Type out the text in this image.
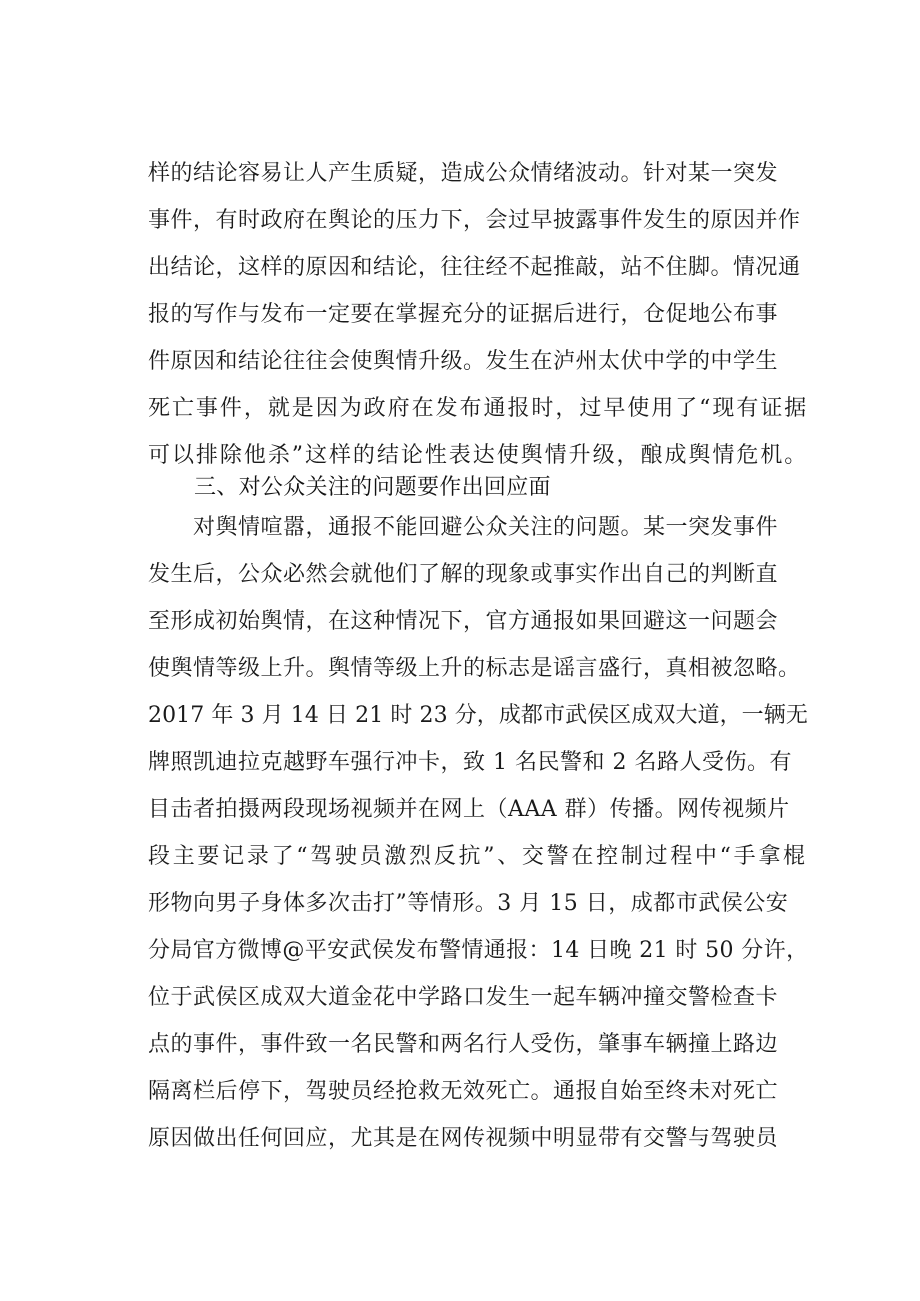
样的结论容易让人产生质疑，造成公众情绪波动。针对某一突发
事件，有时政府在舆论的压力下，会过早披露事件发生的原因并作
出结论，这样的原因和结论，往往经不起推敲，站不住脚。情况通
报的写作与发布一定要在掌握充分的证据后进行，仓促地公布事
件原因和结论往往会使舆情升级。发生在泸州太伏中学的中学生
死亡事件，就是因为政府在发布通报时，过早使用了“现有证据
可以排除他杀”这样的结论性表达使舆情升级，酿成舆情危机。
三、对公众关注的问题要作出回应面
　　对舆情喧嚣，通报不能回避公众关注的问题。某一突发事件
发生后，公众必然会就他们了解的现象或事实作出自己的判断直
至形成初始舆情，在这种情况下，官方通报如果回避这一问题会
使舆情等级上升。舆情等级上升的标志是谣言盛行，真相被忽略。
2017 年 3 月 14 日 21 时 23 分，成都市武侯区成双大道，一辆无
牌照凯迪拉克越野车强行冲卡，致 1 名民警和 2 名路人受伤。有
目击者拍摄两段现场视频并在网上（AAA 群）传播。网传视频片
段主要记录了“驾驶员激烈反抗”、交警在控制过程中“手拿棍
形物向男子身体多次击打”等情形。3 月 15 日，成都市武侯公安
分局官方微博@平安武侯发布警情通报：14 日晚 21 时 50 分许，
位于武侯区成双大道金花中学路口发生一起车辆冲撞交警检查卡
点的事件，事件致一名民警和两名行人受伤，肇事车辆撞上路边
隔离栏后停下，驾驶员经抢救无效死亡。通报自始至终未对死亡
原因做出任何回应，尤其是在网传视频中明显带有交警与驾驶员
